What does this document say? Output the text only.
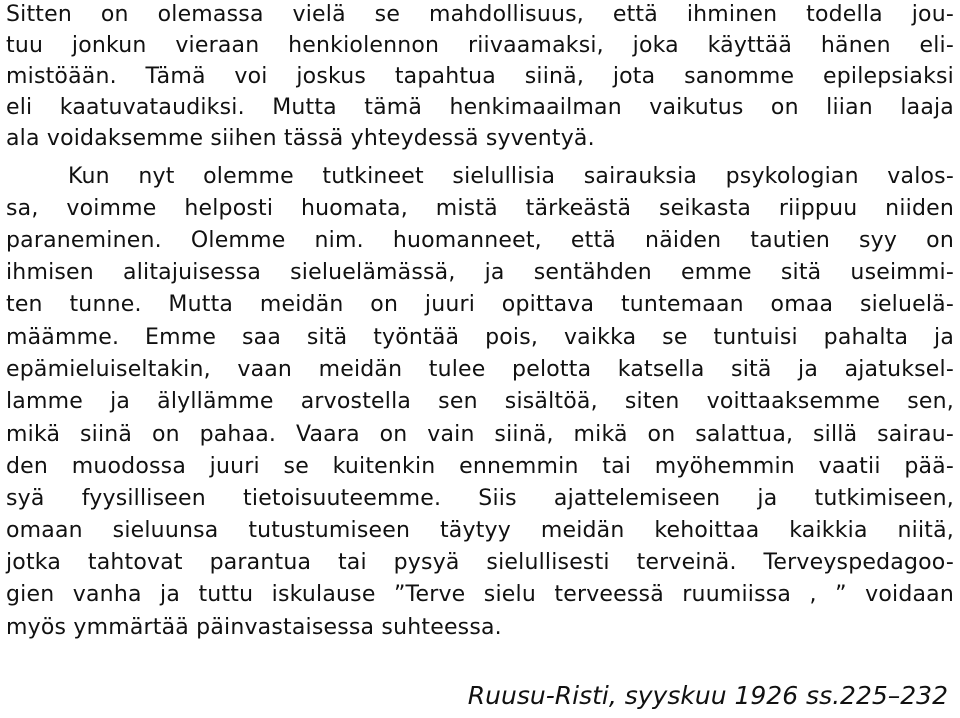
Sitten on olemassa vielä se mahdollisuus, että ihminen todella jou-
tuu jonkun vieraan henkiolennon riivaamaksi, joka käyttää hänen eli-
mistöään. Tämä voi joskus tapahtua siinä, jota sanomme epilepsiaksi
eli kaatuvataudiksi. Mutta tämä henkimaailman vaikutus on liian laaja
ala voidaksemme siihen tässä yhteydessä syventyä.
Kun nyt olemme tutkineet sielullisia sairauksia psykologian valos-
sa, voimme helposti huomata, mistä tärkeästä seikasta riippuu niiden
paraneminen. Olemme nim. huomanneet, että näiden tautien syy on
ihmisen alitajuisessa sieluelämässä, ja sentähden emme sitä useimmi-
ten tunne. Mutta meidän on juuri opittava tuntemaan omaa sieluelä-
määmme. Emme saa sitä työntää pois, vaikka se tuntuisi pahalta ja
epämieluiseltakin, vaan meidän tulee pelotta katsella sitä ja ajatuksel-
lamme ja älyllämme arvostella sen sisältöä, siten voittaaksemme sen,
mikä siinä on pahaa. Vaara on vain siinä, mikä on salattua, sillä sairau-
den muodossa juuri se kuitenkin ennemmin tai myöhemmin vaatii pää-
syä fyysilliseen tietoisuuteemme. Siis ajattelemiseen ja tutkimiseen,
omaan sieluunsa tutustumiseen täytyy meidän kehoittaa kaikkia niitä,
jotka tahtovat parantua tai pysyä sielullisesti terveinä. Terveyspedagoo-
gien vanha ja tuttu iskulause ”Terve sielu terveessä ruumiissa , ” voidaan
myös ymmärtää päinvastaisessa suhteessa.
Ruusu-Risti, syyskuu 1926 ss.225–232
